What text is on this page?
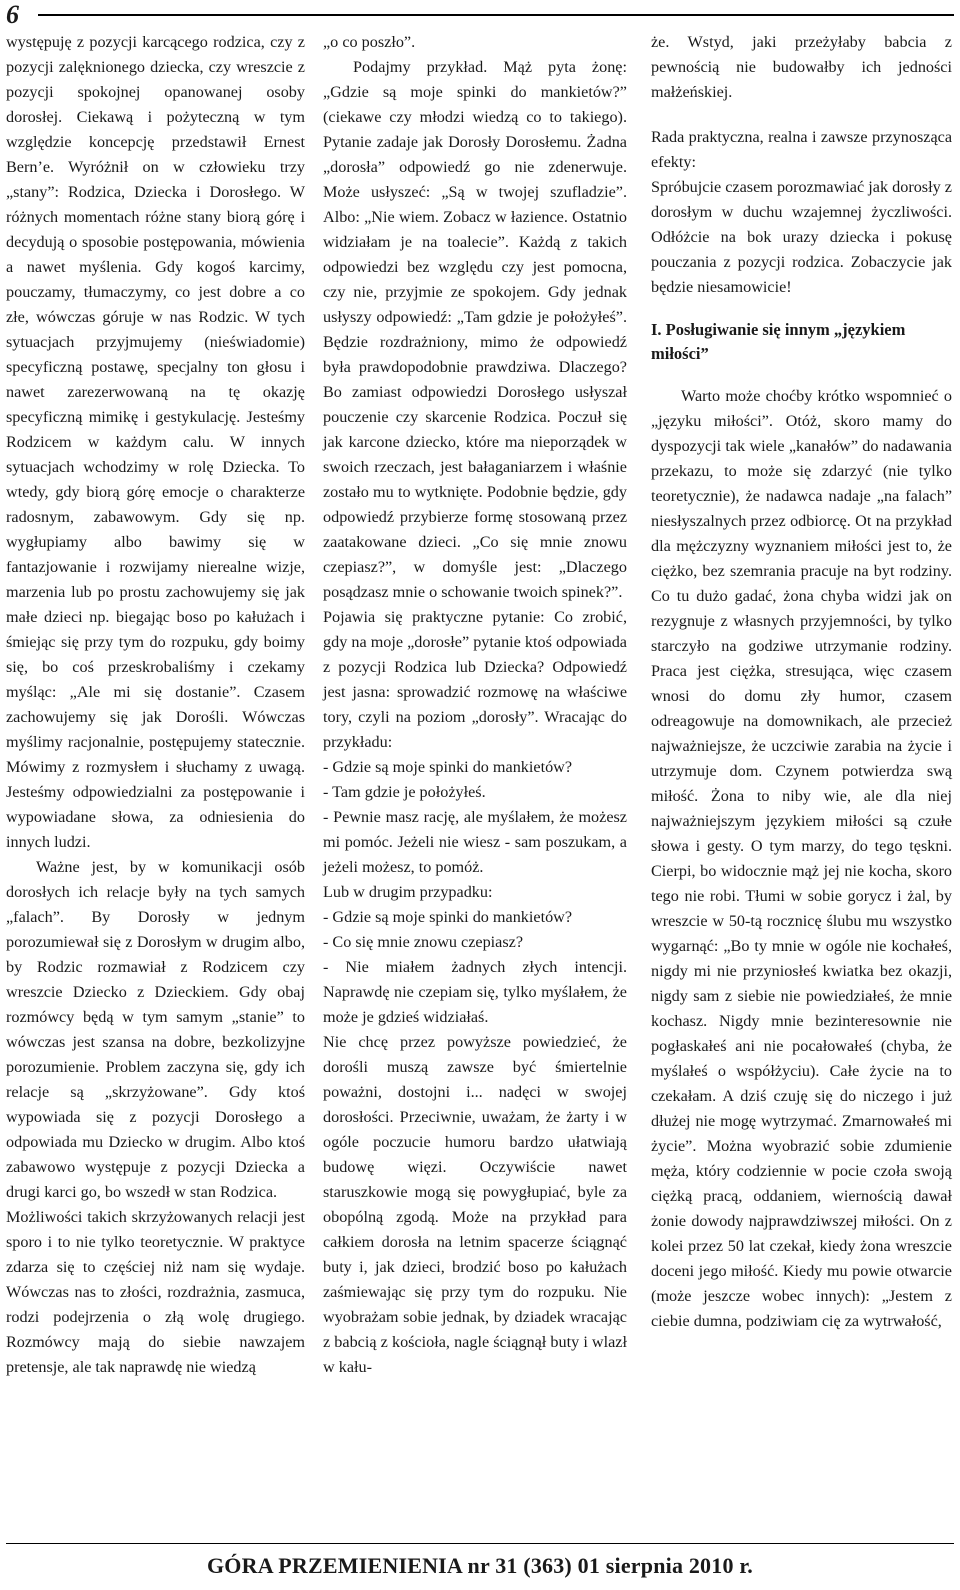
6

występuję z pozycji karcącego rodzica, czy z pozycji zalęknionego dziecka, czy wreszcie z pozycji spokojnej opanowanej osoby dorosłej. Ciekawą i pożyteczną w tym względzie koncepcję przedstawił Ernest Bern’e. Wyróżnił on w człowieku trzy „stany”: Rodzica, Dziecka i Dorosłego. W różnych momentach różne stany biorą górę i decydują o sposobie postępowania, mówienia a nawet myślenia. Gdy kogoś karcimy, pouczamy, tłumaczymy, co jest dobre a co złe, wówczas góruje w nas Rodzic. W tych sytuacjach przyjmujemy (nieświadomie) specyficzną postawę, specjalny ton głosu i nawet zarezerwowaną na tę okazję specyficzną mimikę i gestykulację. Jesteśmy Rodzicem w każdym calu. W innych sytuacjach wchodzimy w rolę Dziecka. To wtedy, gdy biorą górę emocje o charakterze radosnym, zabawowym. Gdy się np. wygłupiamy albo bawimy się w fantazjowanie i rozwijamy nierealne wizje, marzenia lub po prostu zachowujemy się jak małe dzieci np. biegając boso po kałużach i śmiejąc się przy tym do rozpuku, gdy boimy się, bo coś przeskrobaliśmy i czekamy myśląc: „Ale mi się dostanie”. Czasem zachowujemy się jak Dorośli. Wówczas myślimy racjonalnie, postępujemy statecznie. Mówimy z rozmysłem i słuchamy z uwagą. Jesteśmy odpowiedzialni za postępowanie i wypowiadane słowa, za odniesienia do innych ludzi.

Ważne jest, by w komunikacji osób dorosłych ich relacje były na tych samych „falach”. By Dorosły w jednym porozumiewał się z Dorosłym w drugim albo, by Rodzic rozmawiał z Rodzicem czy wreszcie Dziecko z Dzieckiem. Gdy obaj rozmówcy będą w tym samym „stanie” to wówczas jest szansa na dobre, bezkolizyjne porozumienie. Problem zaczyna się, gdy ich relacje są „skrzyżowane”. Gdy ktoś wypowiada się z pozycji Dorosłego a odpowiada mu Dziecko w drugim. Albo ktoś zabawowo występuje z pozycji Dziecka a drugi karci go, bo wszedł w stan Rodzica.

Możliwości takich skrzyżowanych relacji jest sporo i to nie tylko teoretycznie. W praktyce zdarza się to częściej niż nam się wydaje. Wówczas nas to złości, rozdrażnia, zasmuca, rodzi podejrzenia o złą wolę drugiego. Rozmówcy mają do siebie nawzajem pretensje, ale tak naprawdę nie wiedzą

„o co poszło”.

Podajmy przykład. Mąż pyta żonę: „Gdzie są moje spinki do mankietów?” (ciekawe czy młodzi wiedzą co to takiego). Pytanie zadaje jak Dorosły Dorosłemu. Żadna „dorosła” odpowiedź go nie zdenerwuje. Może usłyszeć: „Są w twojej szufladzie”. Albo: „Nie wiem. Zobacz w łazience. Ostatnio widziałam je na toalecie”. Każdą z takich odpowiedzi bez względu czy jest pomocna, czy nie, przyjmie ze spokojem. Gdy jednak usłyszy odpowiedź: „Tam gdzie je położyłeś”. Będzie rozdrażniony, mimo że odpowiedź była prawdopodobnie prawdziwa. Dlaczego? Bo zamiast odpowiedzi Dorosłego usłyszał pouczenie czy skarcenie Rodzica. Poczuł się jak karcone dziecko, które ma nieporządek w swoich rzeczach, jest bałaganiarzem i właśnie zostało mu to wytknięte. Podobnie będzie, gdy odpowiedź przybierze formę stosowaną przez zaatakowane dzieci. „Co się mnie znowu czepiasz?”, w domyśle jest: „Dlaczego posądzasz mnie o schowanie twoich spinek?”.

Pojawia się praktyczne pytanie: Co zrobić, gdy na moje „dorosłe” pytanie ktoś odpowiada z pozycji Rodzica lub Dziecka? Odpowiedź jest jasna: sprowadzić rozmowę na właściwe tory, czyli na poziom „dorosły”. Wracając do przykładu:

- Gdzie są moje spinki do mankietów?

- Tam gdzie je położyłeś.

- Pewnie masz rację, ale myślałem, że możesz mi pomóc. Jeżeli nie wiesz - sam poszukam, a jeżeli możesz, to pomóż.

Lub w drugim przypadku:

- Gdzie są moje spinki do mankietów?

- Co się mnie znowu czepiasz?

- Nie miałem żadnych złych intencji. Naprawdę nie czepiam się, tylko myślałem, że może je gdzieś widziałaś.

Nie chcę przez powyższe powiedzieć, że dorośli muszą zawsze być śmiertelnie poważni, dostojni i... nadęci w swojej dorosłości. Przeciwnie, uważam, że żarty i w ogóle poczucie humoru bardzo ułatwiają budowę więzi. Oczywiście nawet staruszkowie mogą się powygłupiać, byle za obopólną zgodą. Może na przykład para całkiem dorosła na letnim spacerze ściągnąć buty i, jak dzieci, brodzić boso po kałużach zaśmiewając się przy tym do rozpuku. Nie wyobrażam sobie jednak, by dziadek wracając z babcią z kościoła, nagle ściągnął buty i wlazł w kału-

że. Wstyd, jaki przeżyłaby babcia z pewnością nie budowałby ich jedności małżeńskiej.

Rada praktyczna, realna i zawsze przynosząca efekty:

Spróbujcie czasem porozmawiać jak dorosły z dorosłym w duchu wzajemnej życzliwości. Odłóżcie na bok urazy dziecka i pokusę pouczania z pozycji rodzica. Zobaczycie jak będzie niesamowicie!

I. Posługiwanie się innym „językiem miłości”

Warto może choćby krótko wspomnieć o „języku miłości”. Otóż, skoro mamy do dyspozycji tak wiele „kanałów” do nadawania przekazu, to może się zdarzyć (nie tylko teoretycznie), że nadawca nadaje „na falach” niesłyszalnych przez odbiorcę. Ot na przykład dla mężczyzny wyznaniem miłości jest to, że ciężko, bez szemrania pracuje na byt rodziny. Co tu dużo gadać, żona chyba widzi jak on rezygnuje z własnych przyjemności, by tylko starczyło na godziwe utrzymanie rodziny. Praca jest ciężka, stresująca, więc czasem wnosi do domu zły humor, czasem odreagowuje na domownikach, ale przecież najważniejsze, że uczciwie zarabia na życie i utrzymuje dom. Czynem potwierdza swą miłość. Żona to niby wie, ale dla niej najważniejszym językiem miłości są czułe słowa i gesty. O tym marzy, do tego tęskni. Cierpi, bo widocznie mąż jej nie kocha, skoro tego nie robi. Tłumi w sobie gorycz i żal, by wreszcie w 50-tą rocznicę ślubu mu wszystko wygarnąć: „Bo ty mnie w ogóle nie kochałeś, nigdy mi nie przyniosłeś kwiatka bez okazji, nigdy sam z siebie nie powiedziałeś, że mnie kochasz. Nigdy mnie bezinteresownie nie pogłaskałeś ani nie pocałowałeś (chyba, że myślałeś o współżyciu). Całe życie na to czekałam. A dziś czuję się do niczego i już dłużej nie mogę wytrzymać. Zmarnowałeś mi życie”. Można wyobrazić sobie zdumienie męża, który codziennie w pocie czoła swoją ciężką pracą, oddaniem, wiernością dawał żonie dowody najprawdziwszej miłości. On z kolei przez 50 lat czekał, kiedy żona wreszcie doceni jego miłość. Kiedy mu powie otwarcie (może jeszcze wobec innych): „Jestem z ciebie dumna, podziwiam cię za wytrwałość,

GÓRA PRZEMIENIENIA nr 31 (363) 01 sierpnia 2010 r.
